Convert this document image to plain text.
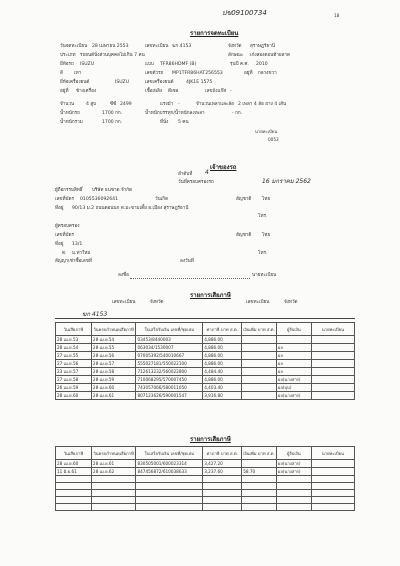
18
ปข09100734
รายการจดทะเบียน
วันจดทะเบียน 28 เมษายน 2553	เลขทะเบียน ฆก 4153	จังหวัด สุราษฎร์ธานี
ประเภท รถยนต์นั่งส่วนบุคคลไม่เกิน 7 คน	ลักษณะ เก๋งสองตอนท้ายลาด
ยี่ห้อรถ ISUZU	แบบ TFR86HDMF (B)	รุ่นปี ค.ศ. 2010
สี เทา	เลขตัวรถ MP1TFR86HAT256553	อยู่ที่ กลางขวา
ยี่ห้อเครื่องยนต์	ISUZU	เลขเครื่องยนต์	4JK1E 1575
อยู่ที่ ข้างเครื่อง	เชื้อเพลิง ดีเซล	เลขถังแก๊ส -
จำนวน	4 สูบ	ซีซี 2499	แรงม้า -	จำนวนเพลาและล้อ 2 เพลา 4 ล้อ ยาง 4 เส้น
น้ำหนักรถ	1700 กก.	น้ำหนักบรรทุก/น้ำหนักลงเพลา	- กก.
น้ำหนักรวม	1700 กก.	ที่นั่ง 5 คน
นายทะเบียน
0053
เจ้าของรถ
ลำดับที่ 4
วันที่ครอบครองรถ	16 มกราคม 2562
ผู้ถือกรรมสิทธิ์ บริษัท ธนชาต จำกัด
เลขที่บัตร 0105536092641	วันเกิด	สัญชาติ ไทย
ที่อยู่ 90/13 ม.2 ถนนดอนนก ต.มะขามเตี้ย อ.เมือง สุราษฎร์ธานี
โทร.
ผู้ครอบครอง
เลขที่บัตร	สัญชาติ ไทย
ที่อยู่ 13/1
ต. ม.ท่าใหม่	โทร.
สัญญาเช่าซื้อเลขที่	ลงวันที่
ลงชื่อ	นายทะเบียน
รายการเสียภาษี
เลขทะเบียน	จังหวัด	เลขทะเบียน	จังหวัด
ฆก 4153
วันเสียภาษี	วันครบกำหนดเสียภาษี	ใบเสร็จรับเงิน เลขที่/ชุดเล่ม	ค่าภาษี บาท ส.ต.	เงินเพิ่ม บาท ส.ต.	ผู้รับเงิน	นายทะเบียน
28 เม.ย.53	28 เม.ย.54	03453/8440003	4,886.00			
28 เม.ย.54	28 เม.ย.55	063034/1530007	4,886.00		ผล	
27 เม.ย.55	28 เม.ย.56	07005392/540010667	4,886.00		ผล	
27 เม.ย.56	28 เม.ย.57	555027181/550022100	4,886.00		ผล	
23 เม.ย.57	28 เม.ย.58	712613232/560022800	4,484.40		ผล	
27 เม.ย.58	28 เม.ย.59	710068295/570007450	4,886.00		ผล(นางสาร)	
26 เม.ย.59	28 เม.ย.60	743057066/580011050	4,403.40		ผล(บุบ)	
28 เม.ย.60	28 เม.ย.61	807123626/590001547	3,916.80		ผล(นางสาร)	
รายการเสียภาษี
วันเสียภาษี	วันครบกำหนดเสียภาษี	ใบเสร็จรับเงิน เลขที่/ชุดเล่ม	ค่าภาษี บาท ส.ต.	เงินเพิ่ม บาท ส.ต.	ผู้รับเงิน	นายทะเบียน
28 เม.ย.60	28 เม.ย.61	830505001/600023314	3,427.20		ผล(นางสาร)	
11 มิ.ย.61	28 เม.ย.62	847456872/610038633	3,237.60	58.70	ผล(นางสาร)	
